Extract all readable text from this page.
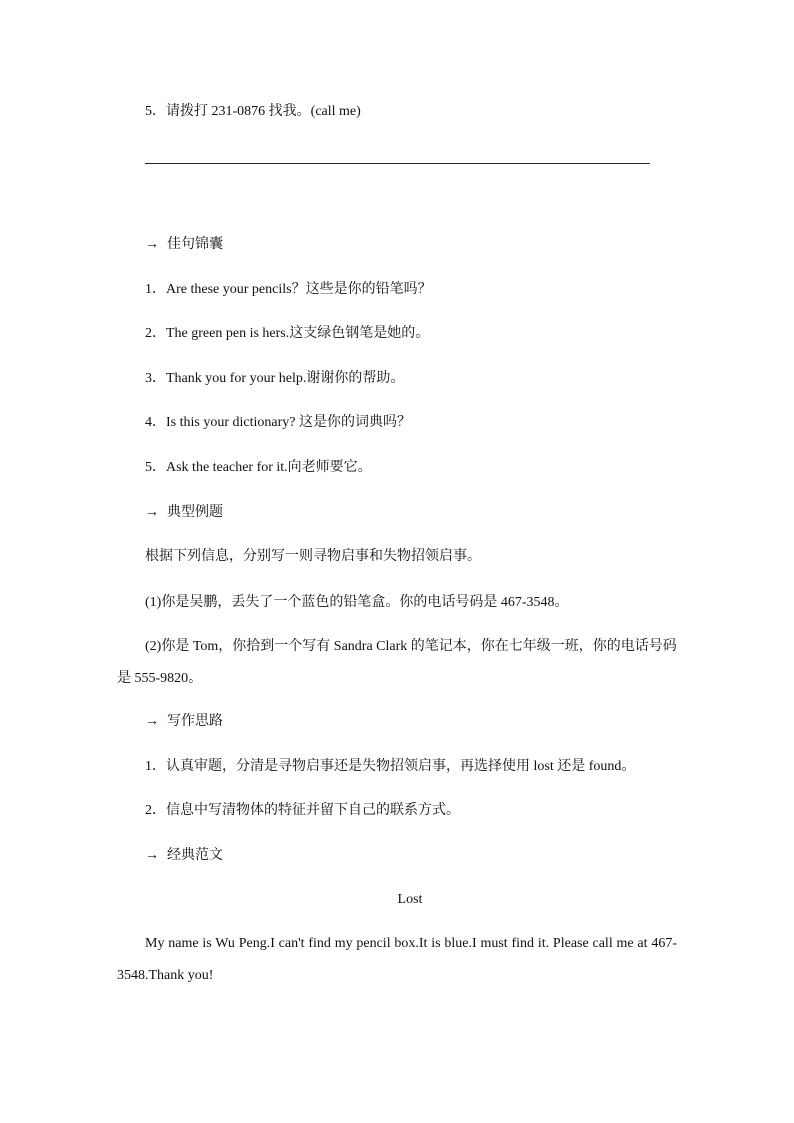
5．请拨打 231-0876 找我。(call me)
→ 佳句锦囊
1．Are these your pencils？这些是你的铅笔吗？
2．The green pen is hers.这支绿色钢笔是她的。
3．Thank you for your help.谢谢你的帮助。
4．Is this your dictionary? 这是你的词典吗？
5．Ask the teacher for it.向老师要它。
→ 典型例题
根据下列信息，分别写一则寻物启事和失物招领启事。
(1)你是吴鹏，丢失了一个蓝色的铅笔盒。你的电话号码是 467-3548。
(2)你是 Tom，你拾到一个写有 Sandra Clark 的笔记本，你在七年级一班，你的电话号码是 555-9820。
→ 写作思路
1．认真审题，分清是寻物启事还是失物招领启事，再选择使用 lost 还是 found。
2．信息中写清物体的特征并留下自己的联系方式。
→ 经典范文
Lost
My name is Wu Peng.I can't find my pencil box.It is blue.I must find it. Please call me at 467-3548.Thank you!
